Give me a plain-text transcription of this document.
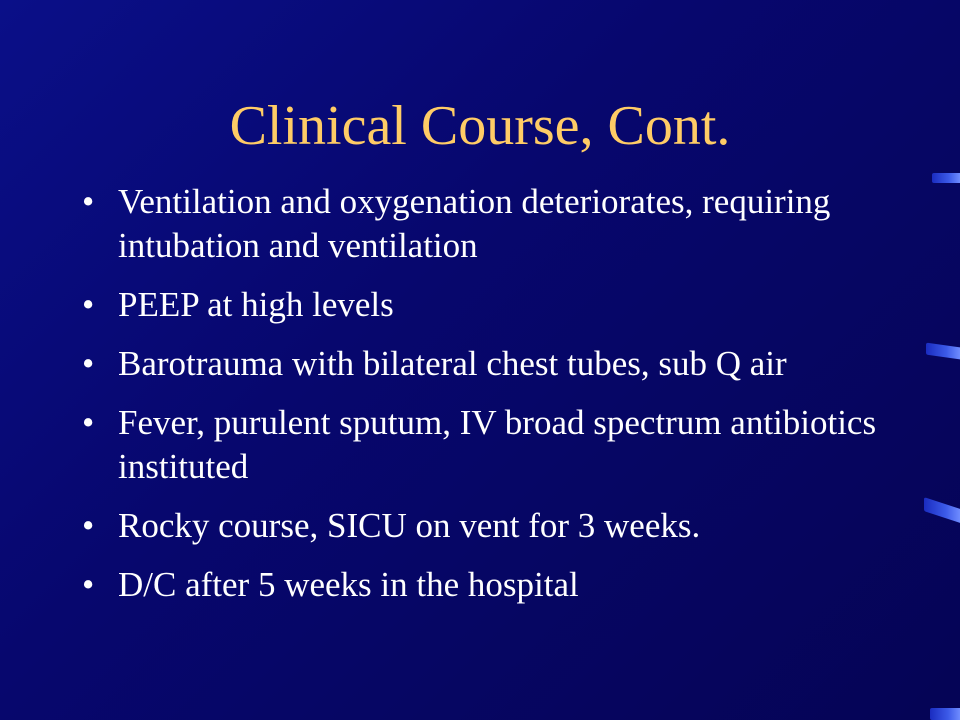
Clinical Course, Cont.
• Ventilation and oxygenation deteriorates, requiring intubation and ventilation
• PEEP at high levels
• Barotrauma with bilateral chest tubes, sub Q air
• Fever, purulent sputum, IV broad spectrum antibiotics instituted
• Rocky course, SICU on vent for 3 weeks.
• D/C after 5 weeks in the hospital
